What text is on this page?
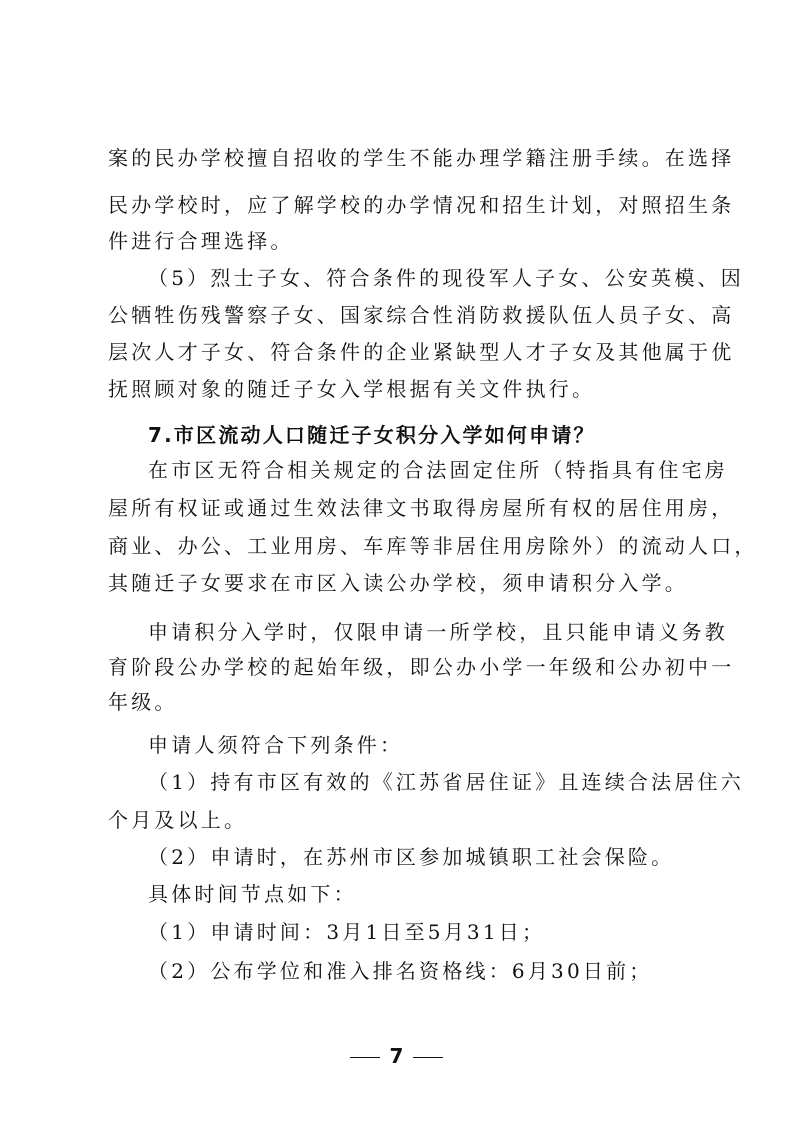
案的民办学校擅自招收的学生不能办理学籍注册手续。在选择
民办学校时，应了解学校的办学情况和招生计划，对照招生条
件进行合理选择。
（5）烈士子女、符合条件的现役军人子女、公安英模、因
公牺牲伤残警察子女、国家综合性消防救援队伍人员子女、高
层次人才子女、符合条件的企业紧缺型人才子女及其他属于优
抚照顾对象的随迁子女入学根据有关文件执行。
7.市区流动人口随迁子女积分入学如何申请？
在市区无符合相关规定的合法固定住所（特指具有住宅房
屋所有权证或通过生效法律文书取得房屋所有权的居住用房，
商业、办公、工业用房、车库等非居住用房除外）的流动人口，
其随迁子女要求在市区入读公办学校，须申请积分入学。
申请积分入学时，仅限申请一所学校，且只能申请义务教
育阶段公办学校的起始年级，即公办小学一年级和公办初中一
年级。
申请人须符合下列条件：
（1）持有市区有效的《江苏省居住证》且连续合法居住六
个月及以上。
（2）申请时，在苏州市区参加城镇职工社会保险。
具体时间节点如下：
（1）申请时间：3月1日至5月31日；
（2）公布学位和准入排名资格线：6月30日前；
7
